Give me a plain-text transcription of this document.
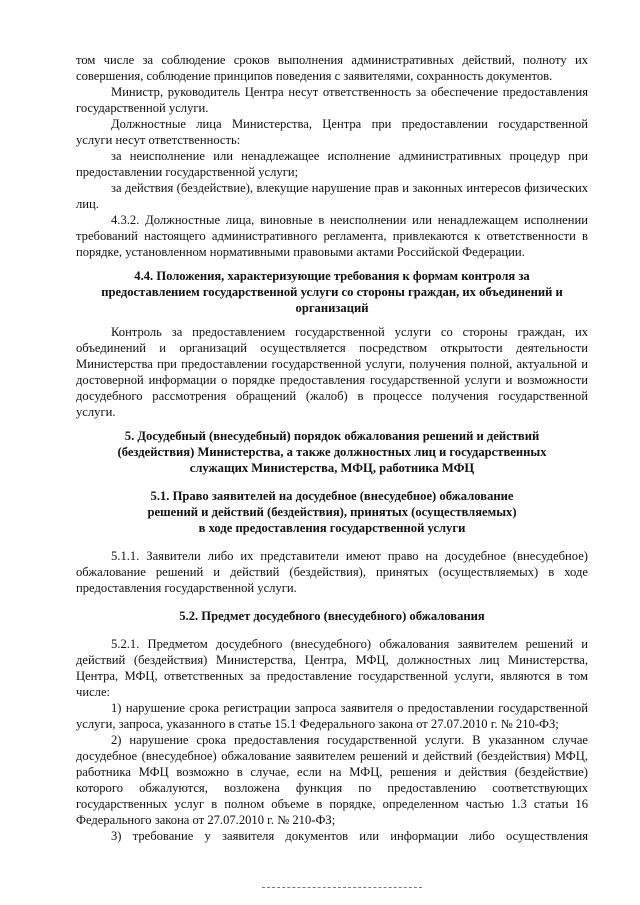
том числе за соблюдение сроков выполнения административных действий, полноту их
совершения, соблюдение принципов поведения с заявителями, сохранность документов.
Министр, руководитель Центра несут ответственность за обеспечение предоставления
государственной услуги.
Должностные лица Министерства, Центра при предоставлении государственной
услуги несут ответственность:
за неисполнение или ненадлежащее исполнение административных процедур при
предоставлении государственной услуги;
за действия (бездействие), влекущие нарушение прав и законных интересов физических
лиц.
4.3.2. Должностные лица, виновные в неисполнении или ненадлежащем исполнении
требований настоящего административного регламента, привлекаются к ответственности в
порядке, установленном нормативными правовыми актами Российской Федерации.
4.4. Положения, характеризующие требования к формам контроля за
предоставлением государственной услуги со стороны граждан, их объединений и
организаций
Контроль за предоставлением государственной услуги со стороны граждан, их
объединений и организаций осуществляется посредством открытости деятельности
Министерства при предоставлении государственной услуги, получения полной, актуальной и
достоверной информации о порядке предоставления государственной услуги и возможности
досудебного рассмотрения обращений (жалоб) в процессе получения государственной
услуги.
5. Досудебный (внесудебный) порядок обжалования решений и действий
(бездействия) Министерства, а также должностных лиц и государственных
служащих Министерства, МФЦ, работника МФЦ
5.1. Право заявителей на досудебное (внесудебное) обжалование
решений и действий (бездействия), принятых (осуществляемых)
в ходе предоставления государственной услуги
5.1.1. Заявители либо их представители имеют право на досудебное (внесудебное)
обжалование решений и действий (бездействия), принятых (осуществляемых) в ходе
предоставления государственной услуги.
5.2. Предмет досудебного (внесудебного) обжалования
5.2.1. Предметом досудебного (внесудебного) обжалования заявителем решений и
действий (бездействия) Министерства, Центра, МФЦ, должностных лиц Министерства,
Центра, МФЦ, ответственных за предоставление государственной услуги, являются в том
числе:
1) нарушение срока регистрации запроса заявителя о предоставлении государственной
услуги, запроса, указанного в статье 15.1 Федерального закона от 27.07.2010 г. № 210-ФЗ;
2) нарушение срока предоставления государственной услуги. В указанном случае
досудебное (внесудебное) обжалование заявителем решений и действий (бездействия) МФЦ,
работника МФЦ возможно в случае, если на МФЦ, решения и действия (бездействие)
которого обжалуются, возложена функция по предоставлению соответствующих
государственных услуг в полном объеме в порядке, определенном частью 1.3 статьи 16
Федерального закона от 27.07.2010 г. № 210-ФЗ;
3) требование у заявителя документов или информации либо осуществления
